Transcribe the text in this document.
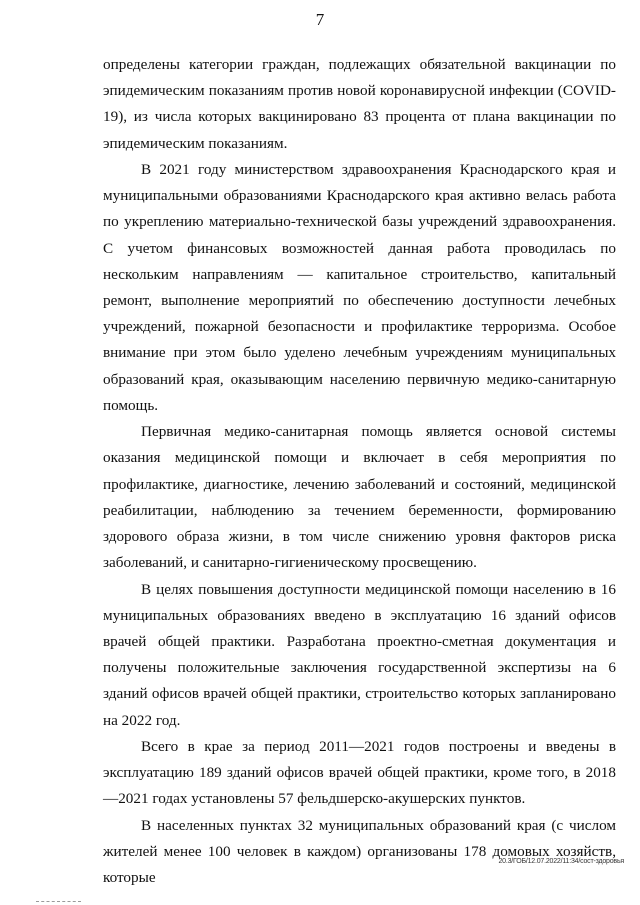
7

определены категории граждан, подлежащих обязательной вакцинации по эпидемическим показаниям против новой коронавирусной инфекции (COVID-19), из числа которых вакцинировано 83 процента от плана вакцинации по эпидемическим показаниям.

В 2021 году министерством здравоохранения Краснодарского края и муниципальными образованиями Краснодарского края активно велась работа по укреплению материально-технической базы учреждений здравоохранения. С учетом финансовых возможностей данная работа проводилась по нескольким направлениям — капитальное строительство, капитальный ремонт, выполнение мероприятий по обеспечению доступности лечебных учреждений, пожарной безопасности и профилактике терроризма. Особое внимание при этом было уделено лечебным учреждениям муниципальных образований края, оказывающим населению первичную медико-санитарную помощь.

Первичная медико-санитарная помощь является основой системы оказания медицинской помощи и включает в себя мероприятия по профилактике, диагностике, лечению заболеваний и состояний, медицинской реабилитации, наблюдению за течением беременности, формированию здорового образа жизни, в том числе снижению уровня факторов риска заболеваний, и санитарно-гигиеническому просвещению.

В целях повышения доступности медицинской помощи населению в 16 муниципальных образованиях введено в эксплуатацию 16 зданий офисов врачей общей практики. Разработана проектно-сметная документация и получены положительные заключения государственной экспертизы на 6 зданий офисов врачей общей практики, строительство которых запланировано на 2022 год.

Всего в крае за период 2011—2021 годов построены и введены в эксплуатацию 189 зданий офисов врачей общей практики, кроме того, в 2018—2021 годах установлены 57 фельдшерско-акушерских пунктов.

В населенных пунктах 32 муниципальных образований края (с числом жителей менее 100 человек в каждом) организованы 178 домовых хозяйств, которые

20.3/ГОБ/12.07.2022/11:34/сост-здоровья
